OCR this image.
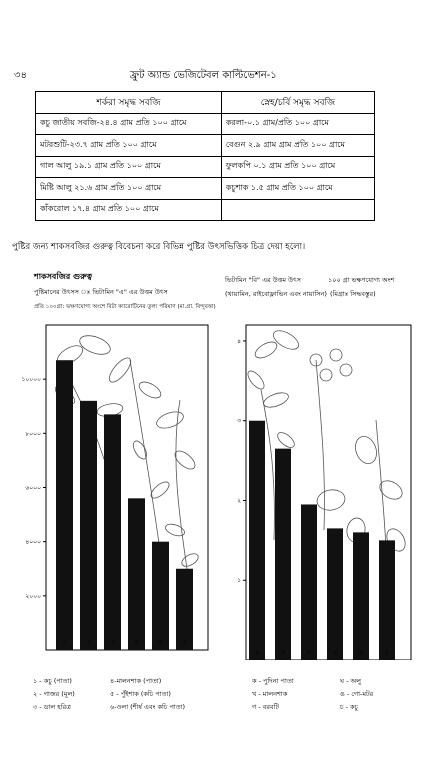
৩৪	ফ্রুট অ্যান্ড ভেজিটেবল কাল্টিভেশন-১
শর্করা সমৃদ্ধ সবজি	স্নেহ/চর্বি সমৃদ্ধ সবজি
কচু জাতীয় সবজি-২৪.৪ গ্রাম প্রতি ১০০ গ্রামে	করলা-০.১ গ্রাম/প্রতি ১০০ গ্রামে
মটরশুটি-২৩.৭ গ্রাম প্রতি ১০০ গ্রামে	বেগুন ২.৯ গ্রাম গ্রাম প্রতি ১০০ গ্রামে
গাল আলু ১৯.১ গ্রাম প্রতি ১০০ গ্রামে	ফুলকপি ০.১ গ্রাম প্রতি ১০০ গ্রামে
মিষ্টি আলু ২১.৬ গ্রাম প্রতি ১০০ গ্রামে	কচুশাক ১.৫ গ্রাম প্রতি ১০০ গ্রামে
কাঁকরোল ১৭.৪ গ্রাম প্রতি ১০০ গ্রামে	
পুষ্টির জন্য শাকসবজির গুরুত্ব বিবেচনা করে বিভিন্ন পুষ্টির উৎসভিত্তিক চিত্র দেয়া হলো।
শাকসবজির গুরুত্ব
পুষ্টিমানের উৎসস ঃ ভিটামিন "এ" এর উত্তম উৎস
প্রতি ১০০গ্রা: ভক্ষণযোগ্য অংশে বিটা ক্যারোটিনের তুল্য পরিমাণ (মা.গ্রা. বিন্দুবত্তা)
ভিটামিন "বি" এর উত্তম উৎস	১০০ গ্রা ভক্ষণযোগ্য অংশ
(থায়ামিন, রাইবোফ্লাভিন এবং নায়াসিন) (মিগ্রাঃ সিদ্ধবস্তুর)
১০০০০
৮০০০
৬০০০
৪০০০
২০০০
১	২	৩	৪	৫	৬
৪
৩
২
১
ক	খ	গ	ঘ	ঙ	চ
১ - কচু (পাতা)
২ - গাজর (মূল)
৩ - ডাল হরিত্র
৪-মালনশাক (পাতা)
৫ - পুঁইশাক (কচি পাতা)
৬-ওলা (শীর্ষ এবং কচি পাতা)
ক - পুদিনা পাতা
খ - মালনশাক
গ - বরবটি
ঘ - অলু
ঙ - গো-মটর
চ - কচু
